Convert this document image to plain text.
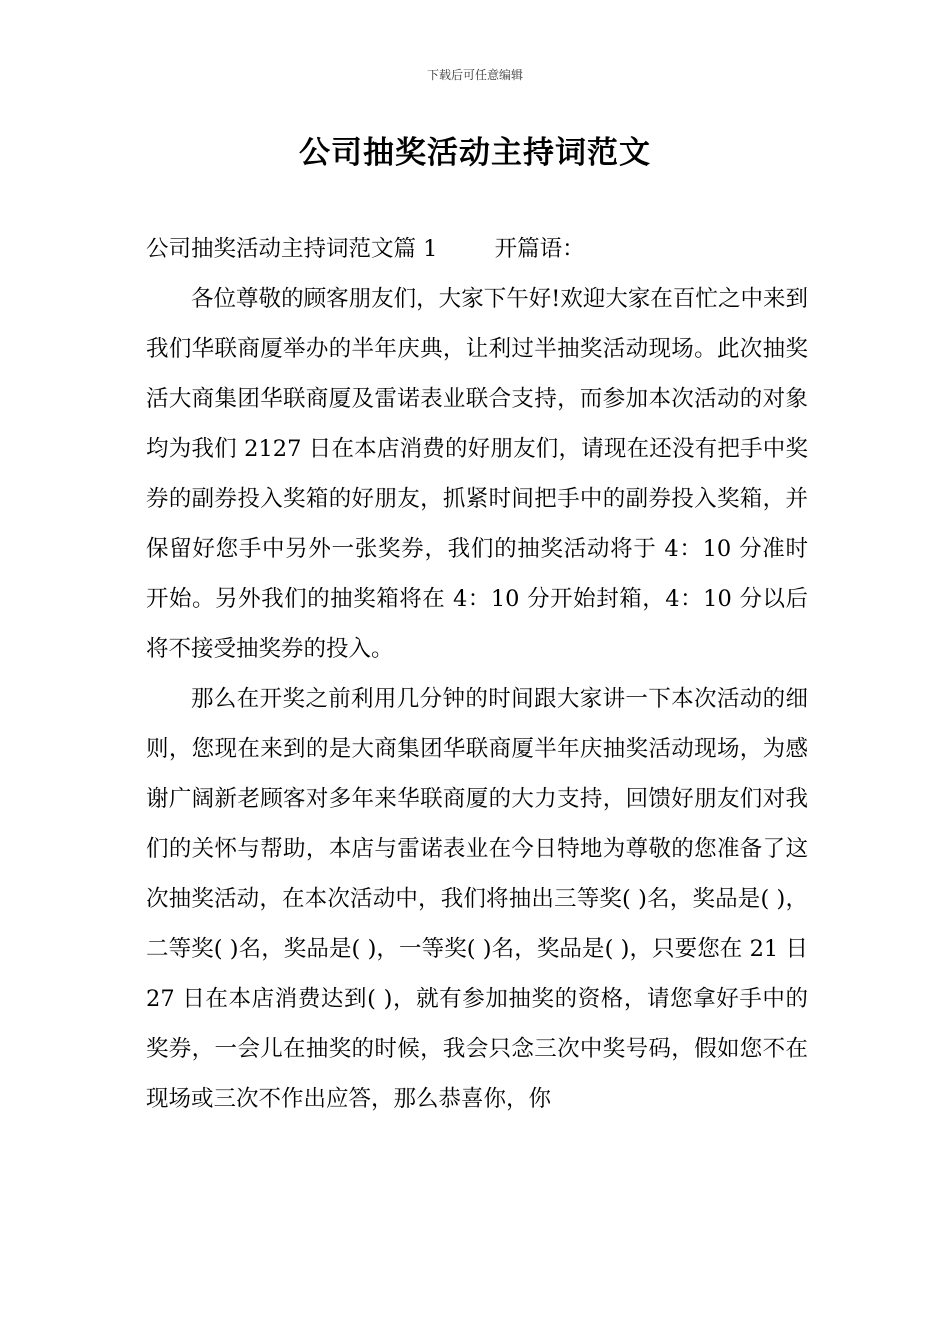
下载后可任意编辑
公司抽奖活动主持词范文

公司抽奖活动主持词范文篇 1	开篇语：

各位尊敬的顾客朋友们，大家下午好!欢迎大家在百忙之中来到我们华联商厦举办的半年庆典，让利过半抽奖活动现场。此次抽奖活大商集团华联商厦及雷诺表业联合支持，而参加本次活动的对象均为我们 2127 日在本店消费的好朋友们，请现在还没有把手中奖券的副券投入奖箱的好朋友，抓紧时间把手中的副券投入奖箱，并保留好您手中另外一张奖券，我们的抽奖活动将于 4：10 分准时开始。另外我们的抽奖箱将在 4：10 分开始封箱，4：10 分以后将不接受抽奖券的投入。

那么在开奖之前利用几分钟的时间跟大家讲一下本次活动的细则，您现在来到的是大商集团华联商厦半年庆抽奖活动现场，为感谢广阔新老顾客对多年来华联商厦的大力支持，回馈好朋友们对我们的关怀与帮助，本店与雷诺表业在今日特地为尊敬的您准备了这次抽奖活动，在本次活动中，我们将抽出三等奖( )名，奖品是( )，二等奖( )名，奖品是( )，一等奖( )名，奖品是( )，只要您在 21 日 27 日在本店消费达到( )，就有参加抽奖的资格，请您拿好手中的奖券，一会儿在抽奖的时候，我会只念三次中奖号码，假如您不在现场或三次不作出应答，那么恭喜你，你
